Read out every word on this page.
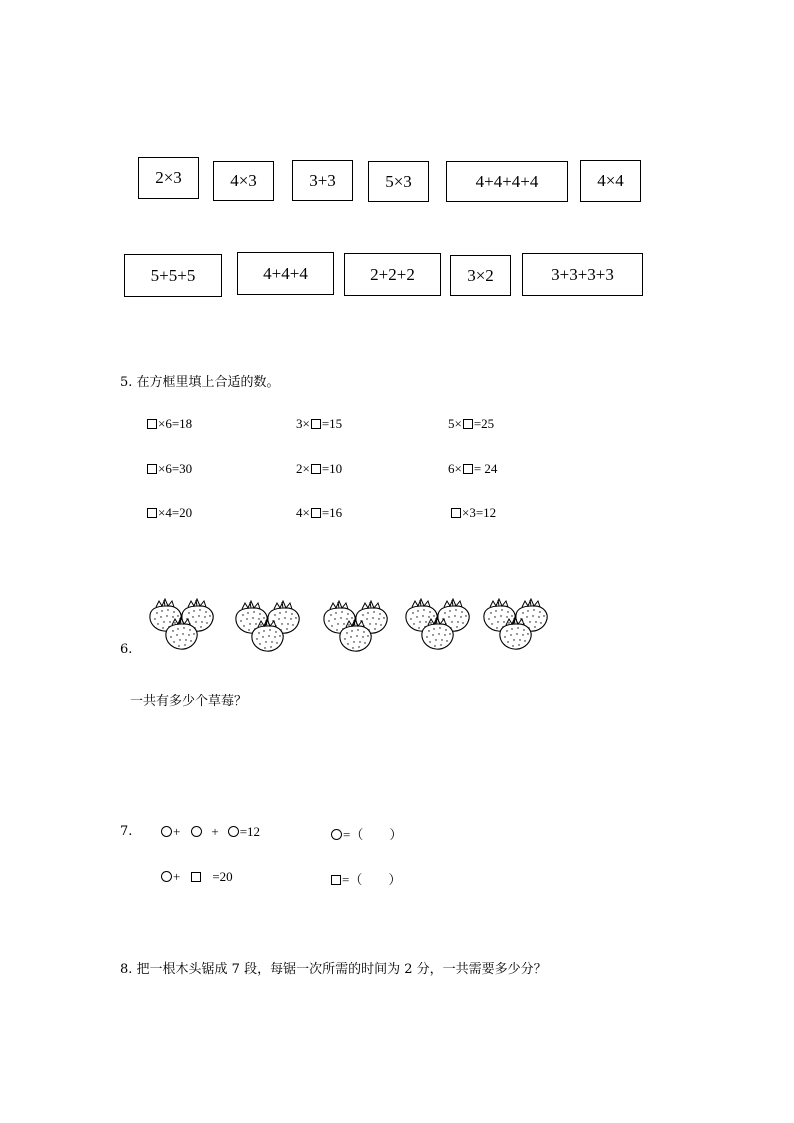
2×3	4×3	3+3	5×3	4+4+4+4	4×4
5+5+5	4+4+4	2+2+2	3×2	3+3+3+3
5. 在方框里填上合适的数。
×6=18	3× =15	5× =25
×6=30	2× =10	6× = 24
×4=20	4× =16	×3=12
6.
一共有多少个草莓？
7.	+ + =12	=（　　）
+ =20	=（　　）
8. 把一根木头锯成 7 段，每锯一次所需的时间为 2 分，一共需要多少分？
